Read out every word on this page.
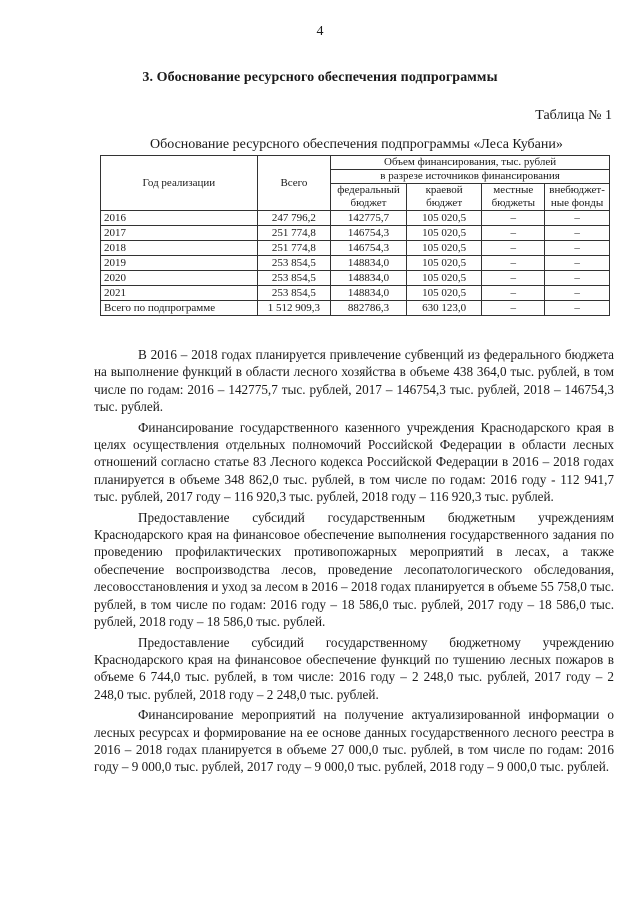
4
3. Обоснование ресурсного обеспечения подпрограммы
Таблица № 1
Обоснование ресурсного обеспечения подпрограммы «Леса Кубани»
Год реализации	Всего	Объем финансирования, тыс. рублей			
		в разрезе источников финансирования			
		федеральный бюджет	краевой бюджет	местные бюджеты	внебюджет-ные фонды
2016	247 796,2	142775,7	105 020,5	–	–
2017	251 774,8	146754,3	105 020,5	–	–
2018	251 774,8	146754,3	105 020,5	–	–
2019	253 854,5	148834,0	105 020,5	–	–
2020	253 854,5	148834,0	105 020,5	–	–
2021	253 854,5	148834,0	105 020,5	–	–
Всего по подпрограмме	1 512 909,3	882786,3	630 123,0	–	–

В 2016 – 2018 годах планируется привлечение субвенций из федерального бюджета на выполнение функций в области лесного хозяйства в объеме 438 364,0 тыс. рублей, в том числе по годам: 2016 – 142775,7 тыс. рублей, 2017 – 146754,3 тыс. рублей, 2018 – 146754,3 тыс. рублей.

Финансирование государственного казенного учреждения Краснодарского края в целях осуществления отдельных полномочий Российской Федерации в области лесных отношений согласно статье 83 Лесного кодекса Российской Федерации в 2016 – 2018 годах планируется в объеме 348 862,0 тыс. рублей, в том числе по годам: 2016 году - 112 941,7 тыс. рублей, 2017 году – 116 920,3 тыс. рублей, 2018 году – 116 920,3 тыс. рублей.

Предоставление субсидий государственным бюджетным учреждениям Краснодарского края на финансовое обеспечение выполнения государственного задания по проведению профилактических противопожарных мероприятий в лесах, а также обеспечение воспроизводства лесов, проведение лесопатологического обследования, лесовосстановления и уход за лесом в 2016 – 2018 годах планируется в объеме 55 758,0 тыс. рублей, в том числе по годам: 2016 году – 18 586,0 тыс. рублей, 2017 году – 18 586,0 тыс. рублей, 2018 году – 18 586,0 тыс. рублей.

Предоставление субсидий государственному бюджетному учреждению Краснодарского края на финансовое обеспечение функций по тушению лесных пожаров в объеме 6 744,0 тыс. рублей, в том числе: 2016 году – 2 248,0 тыс. рублей, 2017 году – 2 248,0 тыс. рублей, 2018 году – 2 248,0 тыс. рублей.

Финансирование мероприятий на получение актуализированной информации о лесных ресурсах и формирование на ее основе данных государственного лесного реестра в 2016 – 2018 годах планируется в объеме 27 000,0 тыс. рублей, в том числе по годам: 2016 году – 9 000,0 тыс. рублей, 2017 году – 9 000,0 тыс. рублей, 2018 году – 9 000,0 тыс. рублей.
